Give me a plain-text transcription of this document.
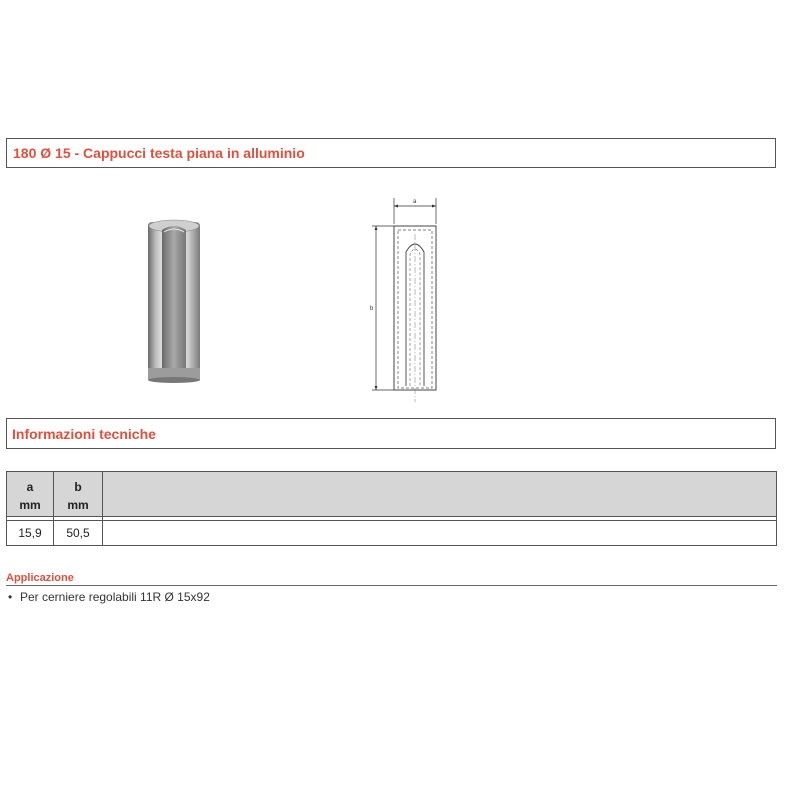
180 Ø 15 - Cappucci testa piana in alluminio
a
b
Informazioni tecniche
a	b	
mm	mm	

15,9	50,5	
Applicazione
• Per cerniere regolabili 11R Ø 15x92
